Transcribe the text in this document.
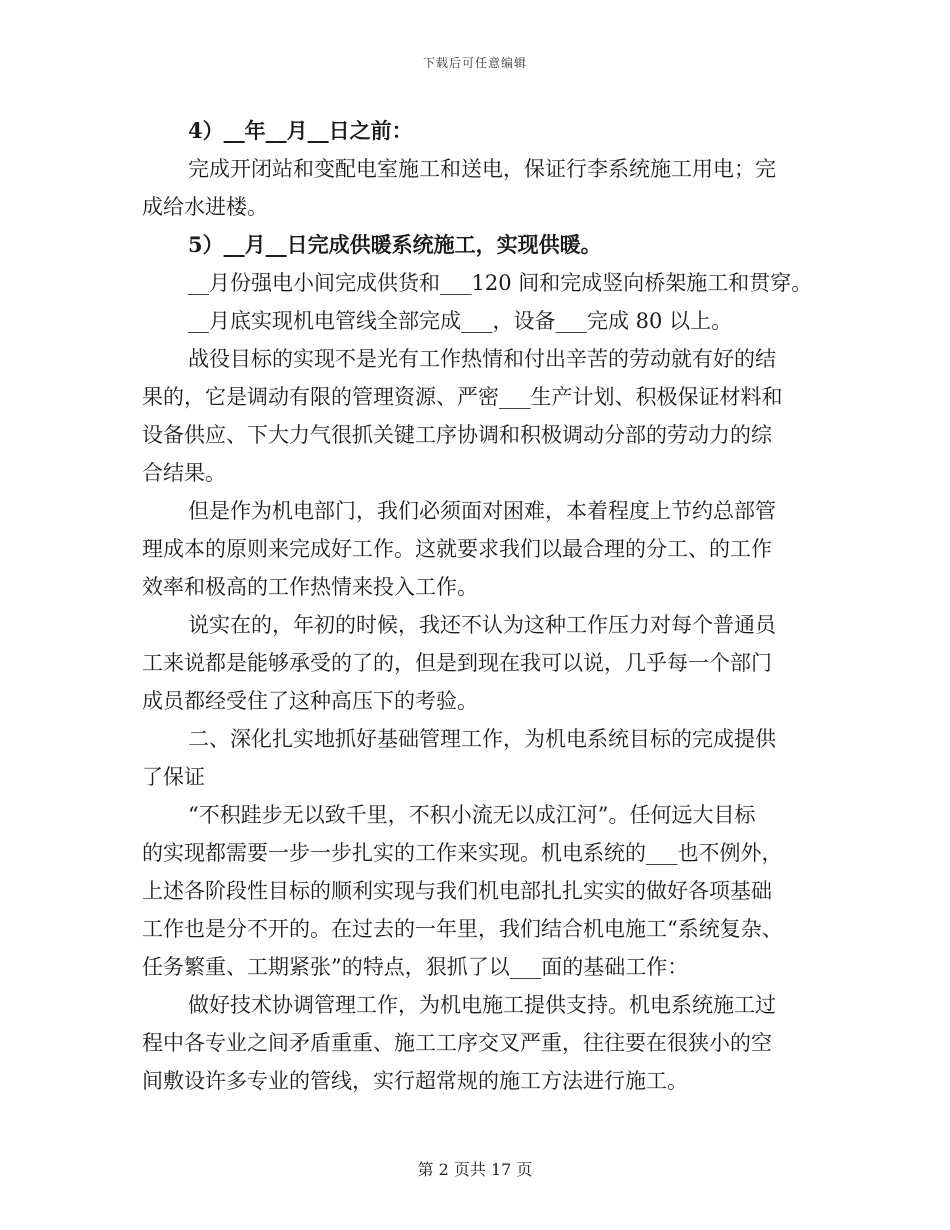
下载后可任意编辑

4）__年__月__日之前：

完成开闭站和变配电室施工和送电，保证行李系统施工用电；完

成给水进楼。

5）__月__日完成供暖系统施工，实现供暖。

__月份强电小间完成供货和___120 间和完成竖向桥架施工和贯穿。

__月底实现机电管线全部完成___，设备___完成 80 以上。

战役目标的实现不是光有工作热情和付出辛苦的劳动就有好的结

果的，它是调动有限的管理资源、严密___生产计划、积极保证材料和

设备供应、下大力气很抓关键工序协调和积极调动分部的劳动力的综

合结果。

但是作为机电部门，我们必须面对困难，本着程度上节约总部管

理成本的原则来完成好工作。这就要求我们以最合理的分工、的工作

效率和极高的工作热情来投入工作。

说实在的，年初的时候，我还不认为这种工作压力对每个普通员

工来说都是能够承受的了的，但是到现在我可以说，几乎每一个部门

成员都经受住了这种高压下的考验。

二、深化扎实地抓好基础管理工作，为机电系统目标的完成提供

了保证

“不积跬步无以致千里，不积小流无以成江河”。任何远大目标

的实现都需要一步一步扎实的工作来实现。机电系统的___也不例外，

上述各阶段性目标的顺利实现与我们机电部扎扎实实的做好各项基础

工作也是分不开的。在过去的一年里，我们结合机电施工“系统复杂、

任务繁重、工期紧张”的特点，狠抓了以___面的基础工作：

做好技术协调管理工作，为机电施工提供支持。机电系统施工过

程中各专业之间矛盾重重、施工工序交叉严重，往往要在很狭小的空

间敷设许多专业的管线，实行超常规的施工方法进行施工。

第 2 页共 17 页
